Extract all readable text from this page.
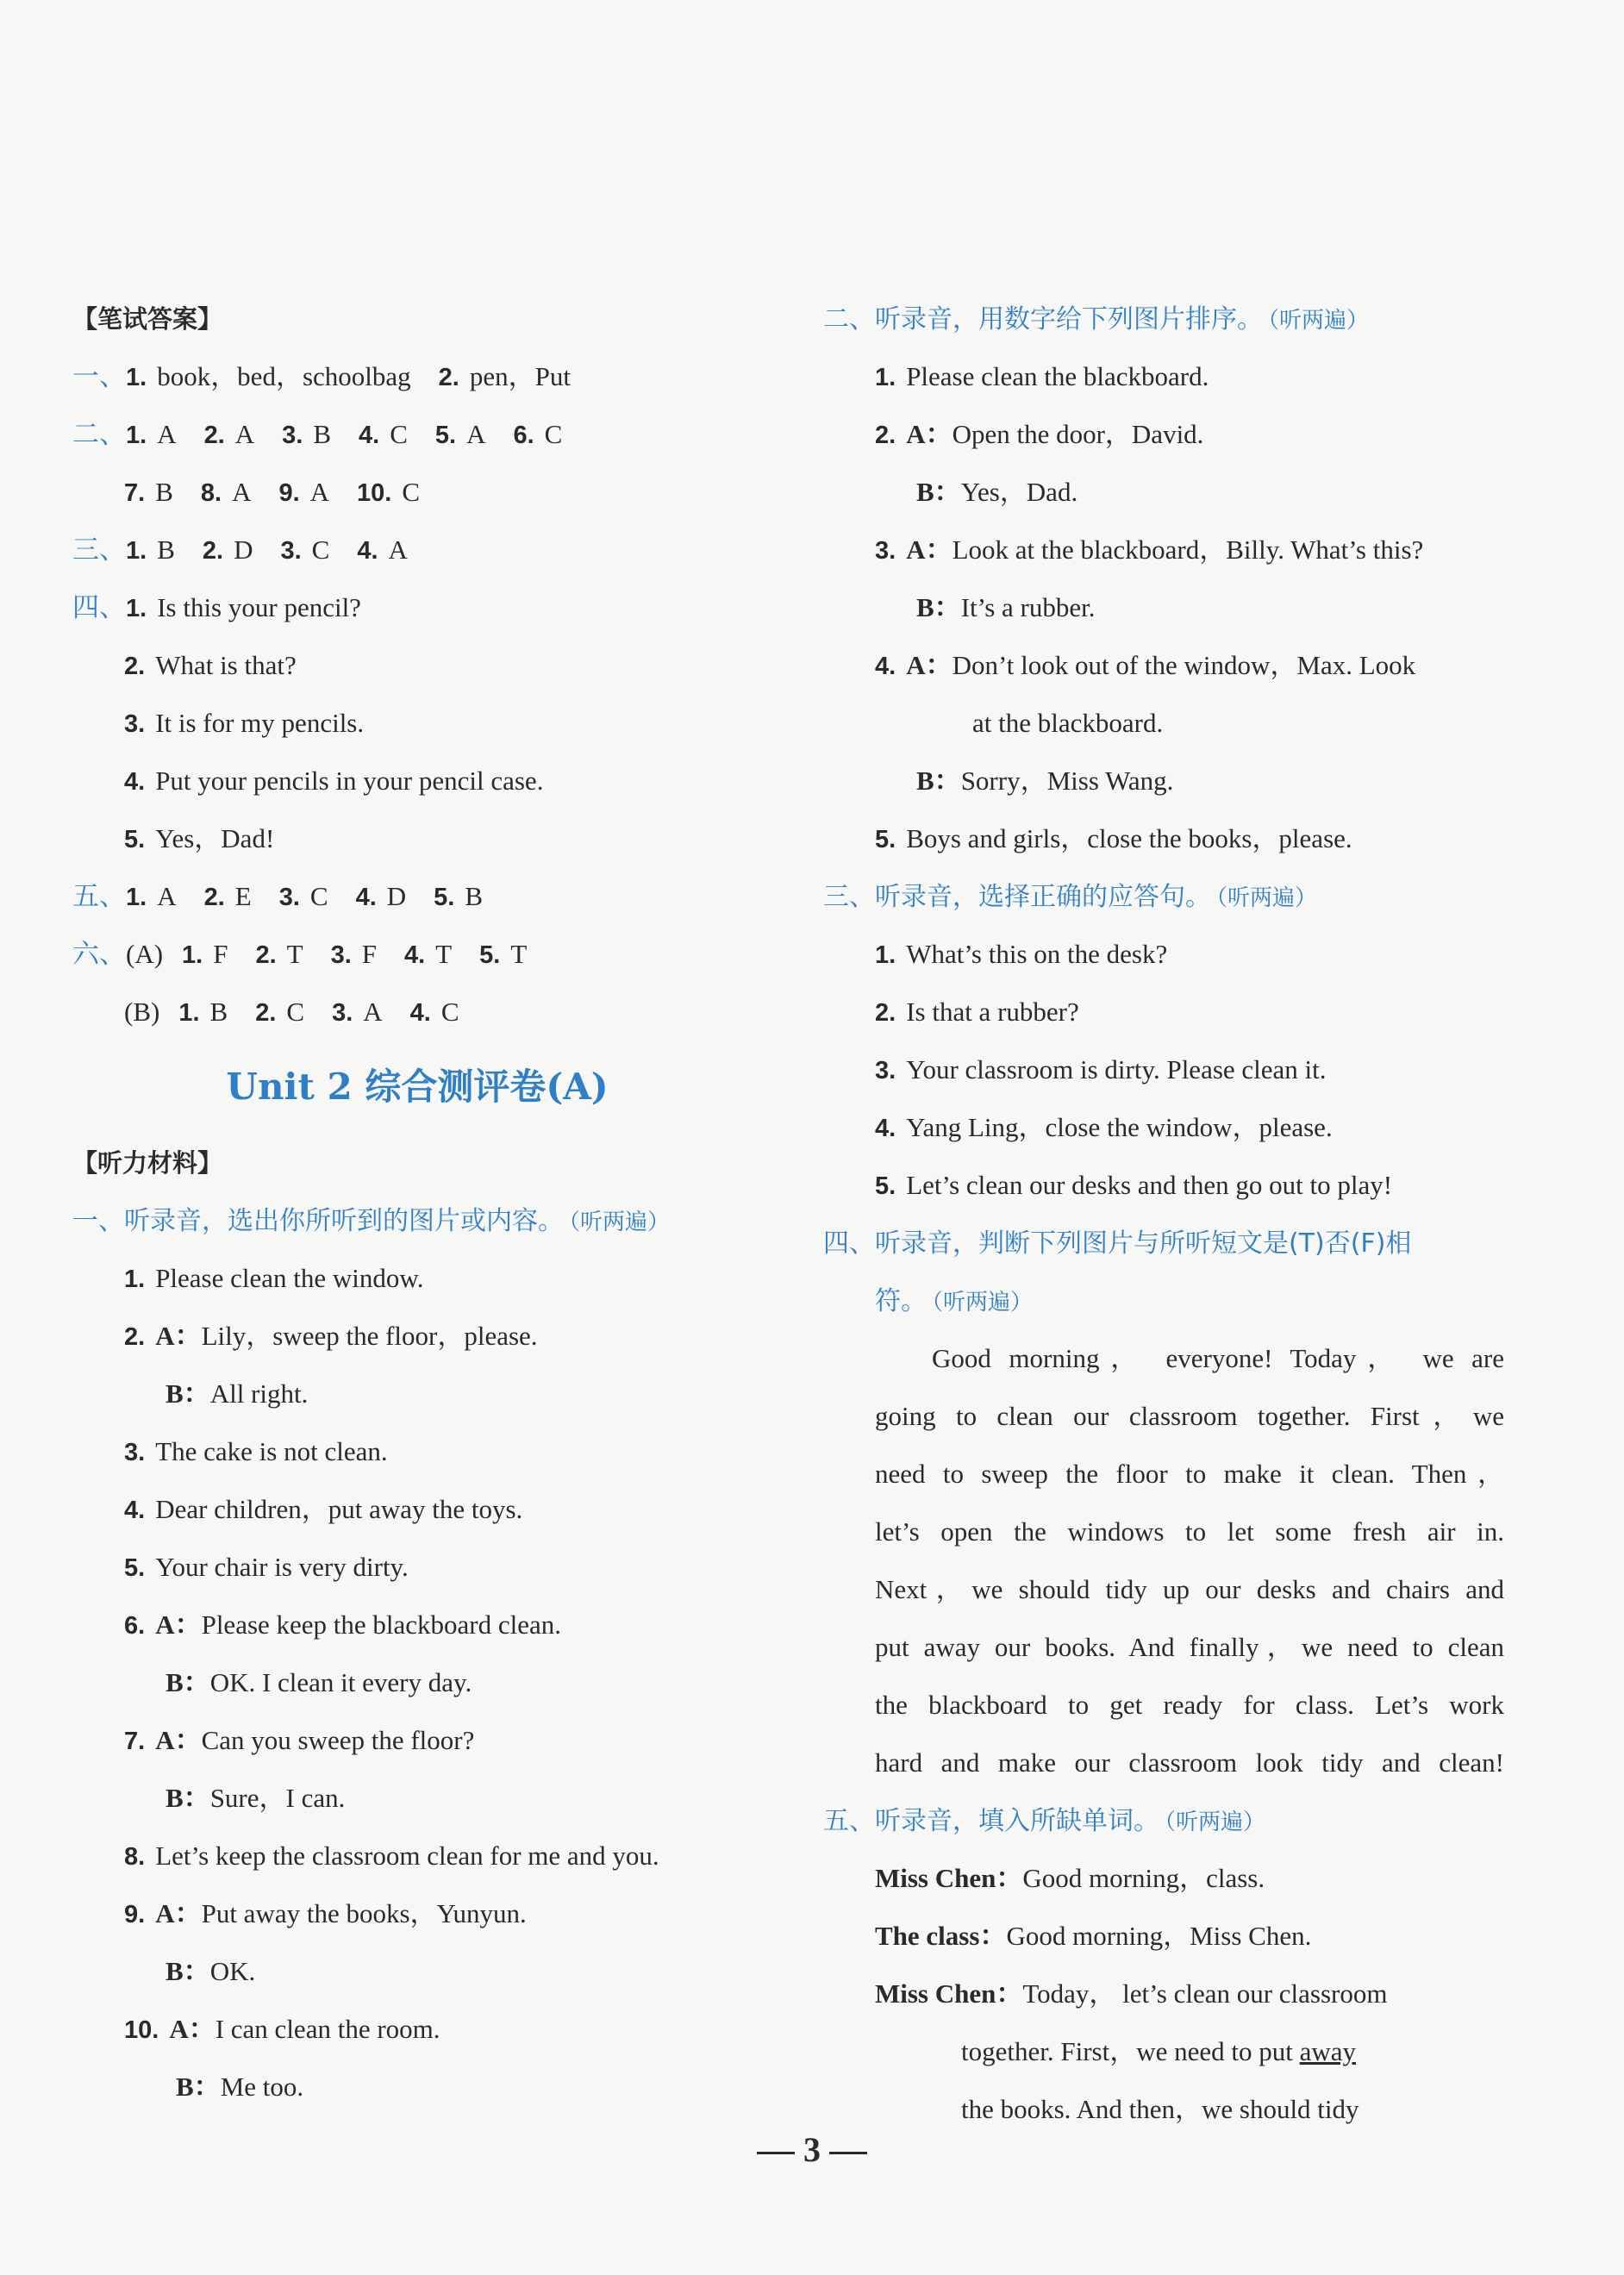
【笔试答案】
一、1. book，bed，schoolbag 2. pen，Put
二、1. A 2. A 3. B 4. C 5. A 6. C
7. B 8. A 9. A 10. C
三、1. B 2. D 3. C 4. A
四、1. Is this your pencil?
2. What is that?
3. It is for my pencils.
4. Put your pencils in your pencil case.
5. Yes，Dad!
五、1. A 2. E 3. C 4. D 5. B
六、(A) 1. F 2. T 3. F 4. T 5. T
(B) 1. B 2. C 3. A 4. C
Unit 2 综合测评卷(A)
【听力材料】
一、听录音，选出你所听到的图片或内容。 （听两遍）
1. Please clean the window.
2. A：Lily，sweep the floor，please.
B：All right.
3. The cake is not clean.
4. Dear children，put away the toys.
5. Your chair is very dirty.
6. A：Please keep the blackboard clean.
B：OK. I clean it every day.
7. A：Can you sweep the floor?
B：Sure，I can.
8. Let’s keep the classroom clean for me and you.
9. A：Put away the books，Yunyun.
B：OK.
10. A：I can clean the room.
B：Me too.
二、听录音，用数字给下列图片排序。 （听两遍）
1. Please clean the blackboard.
2. A：Open the door，David.
B：Yes，Dad.
3. A：Look at the blackboard，Billy. What’s this?
B：It’s a rubber.
4. A：Don’t look out of the window，Max. Look
at the blackboard.
B：Sorry，Miss Wang.
5. Boys and girls，close the books，please.
三、听录音，选择正确的应答句。 （听两遍）
1. What’s this on the desk?
2. Is that a rubber?
3. Your classroom is dirty. Please clean it.
4. Yang Ling，close the window，please.
5. Let’s clean our desks and then go out to play!
四、听录音，判断下列图片与所听短文是(T)否(F)相
符。 （听两遍）
Good morning， everyone! Today， we are
going to clean our classroom together. First，we
need to sweep the floor to make it clean. Then，
let’s open the windows to let some fresh air in.
Next，we should tidy up our desks and chairs and
put away our books. And finally，we need to clean
the blackboard to get ready for class. Let’s work
hard and make our classroom look tidy and clean!
五、听录音，填入所缺单词。 （听两遍）
Miss Chen：Good morning，class.
The class：Good morning，Miss Chen.
Miss Chen：Today， let’s clean our classroom
together. First，we need to put away
the books. And then，we should tidy
3
